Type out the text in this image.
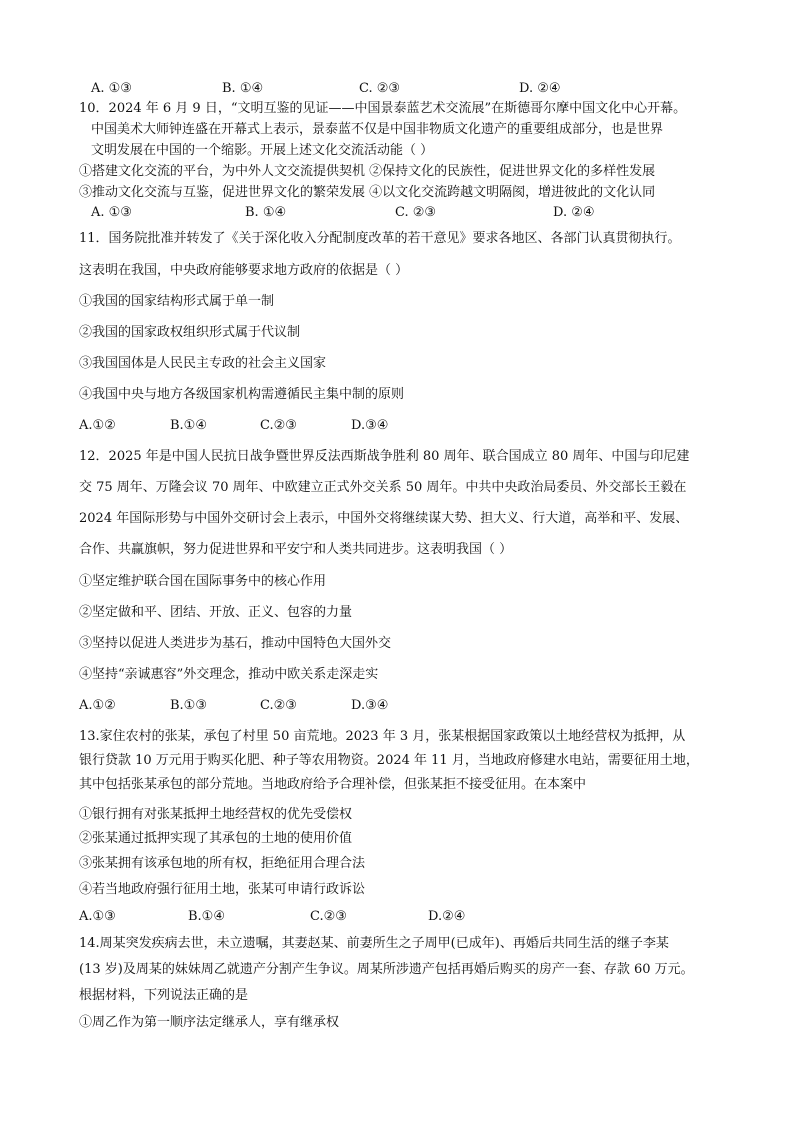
A. ①③	B. ①④	C. ②③	D. ②④
10．2024 年 6 月 9 日，“文明互鉴的见证——中国景泰蓝艺术交流展”在斯德哥尔摩中国文化中心开幕。
中国美术大师钟连盛在开幕式上表示，景泰蓝不仅是中国非物质文化遗产的重要组成部分，也是世界
文明发展在中国的一个缩影。开展上述文化交流活动能（ ）
①搭建文化交流的平台，为中外人文交流提供契机 ②保持文化的民族性，促进世界文化的多样性发展
③推动文化交流与互鉴，促进世界文化的繁荣发展 ④以文化交流跨越文明隔阂，增进彼此的文化认同
A. ①③	B. ①④	C. ②③	D. ②④
11．国务院批准并转发了《关于深化收入分配制度改革的若干意见》要求各地区、各部门认真贯彻执行。
这表明在我国，中央政府能够要求地方政府的依据是（ ）
①我国的国家结构形式属于单一制
②我国的国家政权组织形式属于代议制
③我国国体是人民民主专政的社会主义国家
④我国中央与地方各级国家机构需遵循民主集中制的原则
A.①②	B.①④	C.②③	D.③④
12．2025 年是中国人民抗日战争暨世界反法西斯战争胜利 80 周年、联合国成立 80 周年、中国与印尼建
交 75 周年、万隆会议 70 周年、中欧建立正式外交关系 50 周年。中共中央政治局委员、外交部长王毅在
2024 年国际形势与中国外交研讨会上表示，中国外交将继续谋大势、担大义、行大道，高举和平、发展、
合作、共赢旗帜，努力促进世界和平安宁和人类共同进步。这表明我国（ ）
①坚定维护联合国在国际事务中的核心作用
②坚定做和平、团结、开放、正义、包容的力量
③坚持以促进人类进步为基石，推动中国特色大国外交
④坚持“亲诚惠容”外交理念，推动中欧关系走深走实
A.①②	B.①③	C.②③	D.③④
13.家住农村的张某，承包了村里 50 亩荒地。2023 年 3 月，张某根据国家政策以土地经营权为抵押，从
银行贷款 10 万元用于购买化肥、种子等农用物资。2024 年 11 月，当地政府修建水电站，需要征用土地，
其中包括张某承包的部分荒地。当地政府给予合理补偿，但张某拒不接受征用。在本案中
①银行拥有对张某抵押土地经营权的优先受偿权
②张某通过抵押实现了其承包的土地的使用价值
③张某拥有该承包地的所有权，拒绝征用合理合法
④若当地政府强行征用土地，张某可申请行政诉讼
A.①③	B.①④	C.②③	D.②④
14.周某突发疾病去世，未立遗嘱，其妻赵某、前妻所生之子周甲(已成年)、再婚后共同生活的继子李某
(13 岁)及周某的妹妹周乙就遗产分割产生争议。周某所涉遗产包括再婚后购买的房产一套、存款 60 万元。
根据材料，下列说法正确的是
①周乙作为第一顺序法定继承人，享有继承权
